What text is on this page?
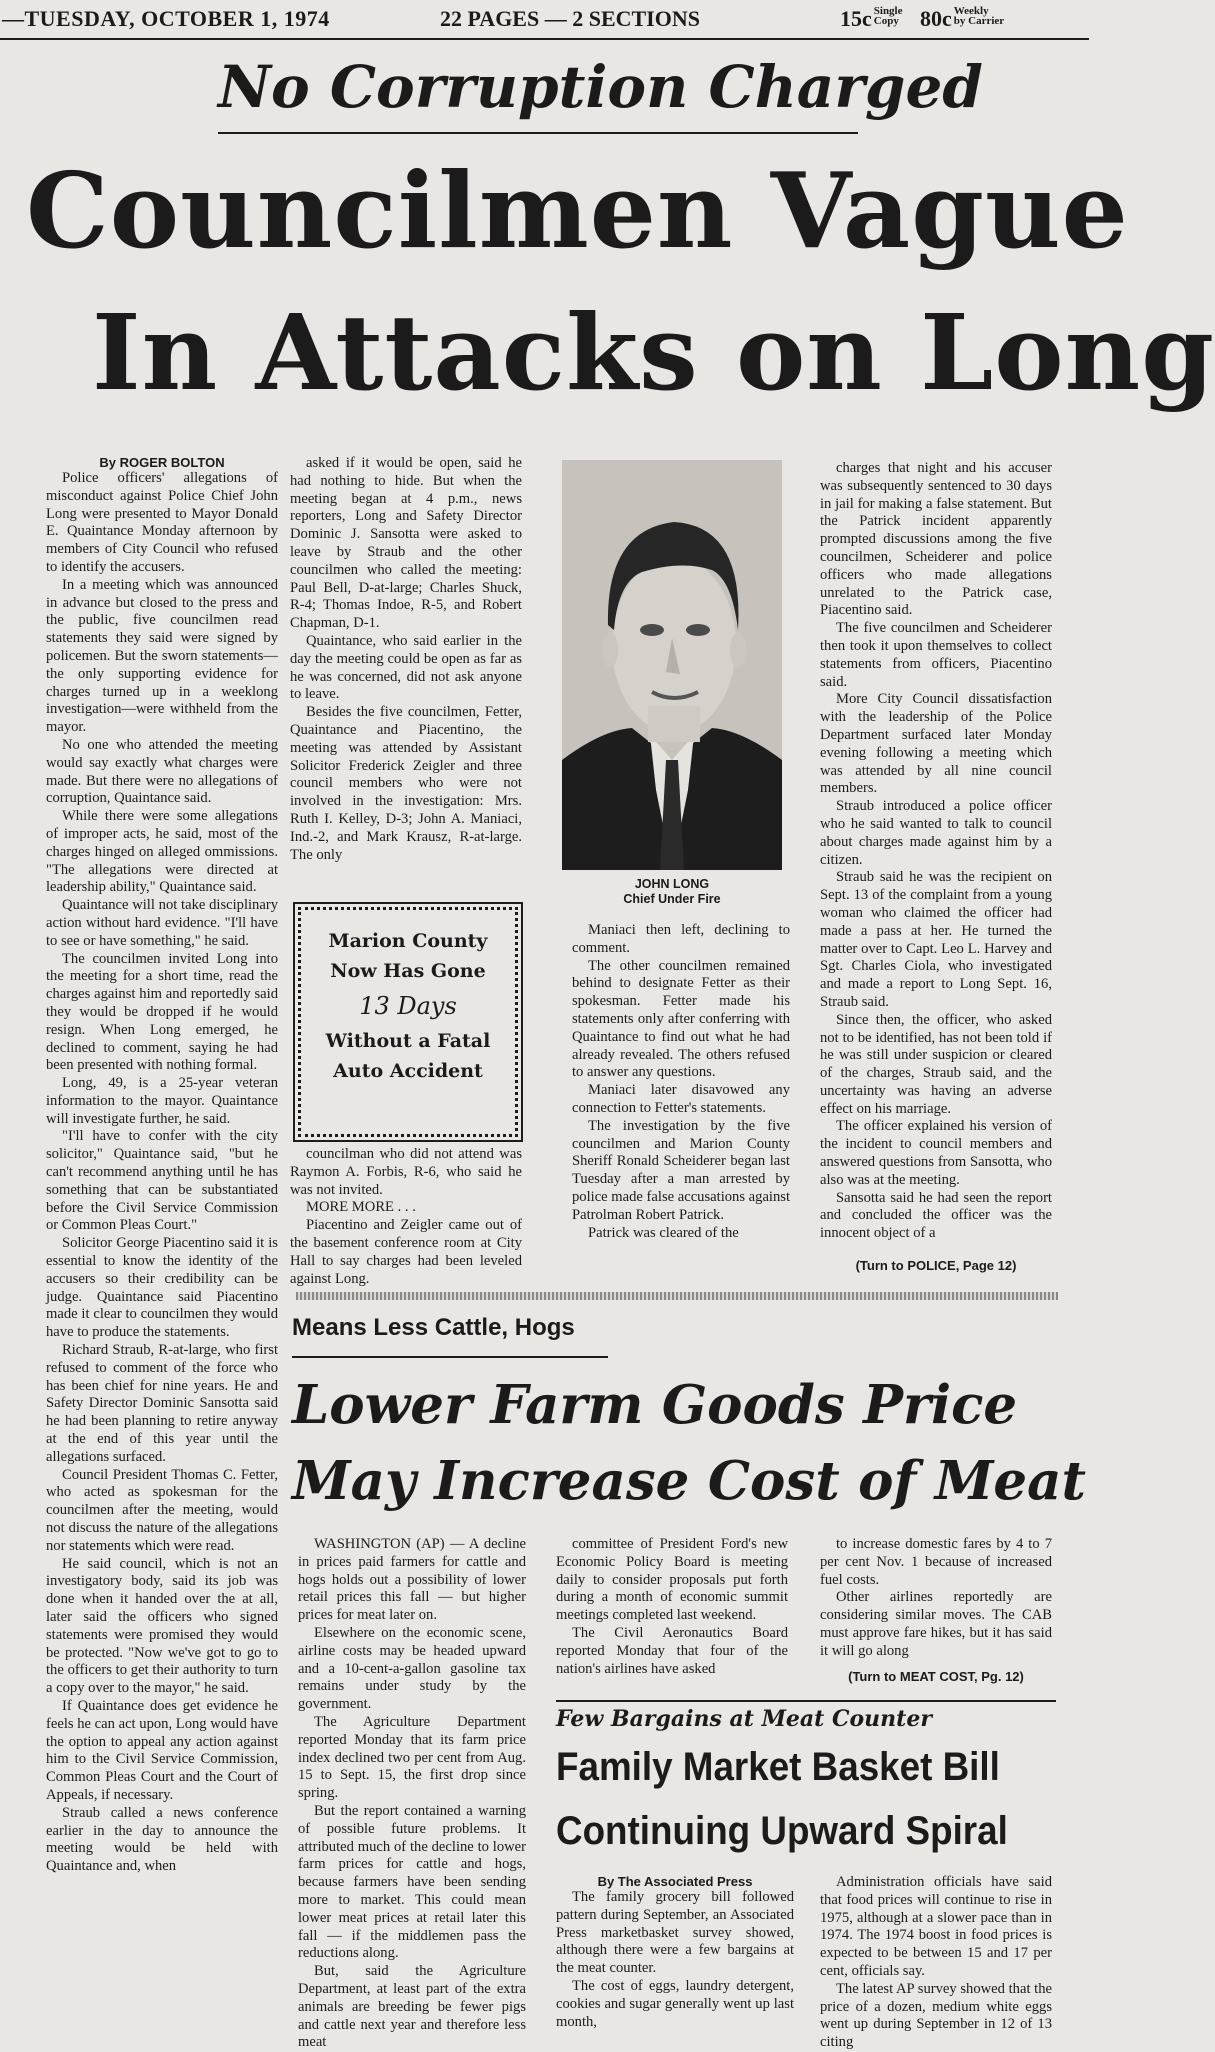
—TUESDAY, OCTOBER 1, 1974	22 PAGES — 2 SECTIONS	15c Single
Copy 80c Weekly
by Carrier
No Corruption Charged
Councilmen Vague
In Attacks on Long
By ROGER BOLTON

Police officers' allegations of misconduct against Police Chief John Long were presented to Mayor Donald E. Quaintance Monday afternoon by members of City Council who refused to identify the accusers.

In a meeting which was announced in advance but closed to the press and the public, five councilmen read statements they said were signed by policemen. But the sworn statements—the only supporting evidence for charges turned up in a weeklong investigation—were withheld from the mayor.

No one who attended the meeting would say exactly what charges were made. But there were no allegations of corruption, Quaintance said.

While there were some allegations of improper acts, he said, most of the charges hinged on alleged ommissions. "The allegations were directed at leadership ability," Quaintance said.

Quaintance will not take disciplinary action without hard evidence. "I'll have to see or have something," he said.

The councilmen invited Long into the meeting for a short time, read the charges against him and reportedly said they would be dropped if he would resign. When Long emerged, he declined to comment, saying he had been presented with nothing formal.

Long, 49, is a 25-year veteran information to the mayor. Quaintance will investigate further, he said.

"I'll have to confer with the city solicitor," Quaintance said, "but he can't recommend anything until he has something that can be substantiated before the Civil Service Commission or Common Pleas Court."

Solicitor George Piacentino said it is essential to know the identity of the accusers so their credibility can be judge. Quaintance said Piacentino made it clear to councilmen they would have to produce the statements.

Richard Straub, R-at-large, who first refused to comment of the force who has been chief for nine years. He and Safety Director Dominic Sansotta said he had been planning to retire anyway at the end of this year until the allegations surfaced.

Council President Thomas C. Fetter, who acted as spokesman for the councilmen after the meeting, would not discuss the nature of the allegations nor statements which were read.

He said council, which is not an investigatory body, said its job was done when it handed over the at all, later said the officers who signed statements were promised they would be protected. "Now we've got to go to the officers to get their authority to turn a copy over to the mayor," he said.

If Quaintance does get evidence he feels he can act upon, Long would have the option to appeal any action against him to the Civil Service Commission, Common Pleas Court and the Court of Appeals, if necessary.

Straub called a news conference earlier in the day to announce the meeting would be held with Quaintance and, when

asked if it would be open, said he had nothing to hide. But when the meeting began at 4 p.m., news reporters, Long and Safety Director Dominic J. Sansotta were asked to leave by Straub and the other councilmen who called the meeting: Paul Bell, D-at-large; Charles Shuck, R-4; Thomas Indoe, R-5, and Robert Chapman, D-1.

Quaintance, who said earlier in the day the meeting could be open as far as he was concerned, did not ask anyone to leave.

Besides the five councilmen, Fetter, Quaintance and Piacentino, the meeting was attended by Assistant Solicitor Frederick Zeigler and three council members who were not involved in the investigation: Mrs. Ruth I. Kelley, D-3; John A. Maniaci, Ind.-2, and Mark Krausz, R-at-large. The only

Marion County
Now Has Gone
13 Days
Without a Fatal
Auto Accident

councilman who did not attend was Raymon A. Forbis, R-6, who said he was not invited.

MORE MORE . . .

Piacentino and Zeigler came out of the basement conference room at City Hall to say charges had been leveled against Long.

JOHN LONG
Chief Under Fire

Maniaci then left, declining to comment.

The other councilmen remained behind to designate Fetter as their spokesman. Fetter made his statements only after conferring with Quaintance to find out what he had already revealed. The others refused to answer any questions.

Maniaci later disavowed any connection to Fetter's statements.

The investigation by the five councilmen and Marion County Sheriff Ronald Scheiderer began last Tuesday after a man arrested by police made false accusations against Patrolman Robert Patrick.

Patrick was cleared of the

charges that night and his accuser was subsequently sentenced to 30 days in jail for making a false statement. But the Patrick incident apparently prompted discussions among the five councilmen, Scheiderer and police officers who made allegations unrelated to the Patrick case, Piacentino said.

The five councilmen and Scheiderer then took it upon themselves to collect statements from officers, Piacentino said.

More City Council dissatisfaction with the leadership of the Police Department surfaced later Monday evening following a meeting which was attended by all nine council members.

Straub introduced a police officer who he said wanted to talk to council about charges made against him by a citizen.

Straub said he was the recipient on Sept. 13 of the complaint from a young woman who claimed the officer had made a pass at her. He turned the matter over to Capt. Leo L. Harvey and Sgt. Charles Ciola, who investigated and made a report to Long Sept. 16, Straub said.

Since then, the officer, who asked not to be identified, has not been told if he was still under suspicion or cleared of the charges, Straub said, and the uncertainty was having an adverse effect on his marriage.

The officer explained his version of the incident to council members and answered questions from Sansotta, who also was at the meeting.

Sansotta said he had seen the report and concluded the officer was the innocent object of a

(Turn to POLICE, Page 12)
Means Less Cattle, Hogs
Lower Farm Goods Price
May Increase Cost of Meat

WASHINGTON (AP) — A decline in prices paid farmers for cattle and hogs holds out a possibility of lower retail prices this fall — but higher prices for meat later on.

Elsewhere on the economic scene, airline costs may be headed upward and a 10-cent-a-gallon gasoline tax remains under study by the government.

The Agriculture Department reported Monday that its farm price index declined two per cent from Aug. 15 to Sept. 15, the first drop since spring.

But the report contained a warning of possible future problems. It attributed much of the decline to lower farm prices for cattle and hogs, because farmers have been sending more to market. This could mean lower meat prices at retail later this fall — if the middlemen pass the reductions along.

But, said the Agriculture Department, at least part of the extra animals are breeding be fewer pigs and cattle next year and therefore less meat

committee of President Ford's new Economic Policy Board is meeting daily to consider proposals put forth during a month of economic summit meetings completed last weekend.

The Civil Aeronautics Board reported Monday that four of the nation's airlines have asked

to increase domestic fares by 4 to 7 per cent Nov. 1 because of increased fuel costs.

Other airlines reportedly are considering similar moves. The CAB must approve fare hikes, but it has said it will go along

(Turn to MEAT COST, Pg. 12)
Few Bargains at Meat Counter
Family Market Basket Bill
Continuing Upward Spiral
By The Associated Press

The family grocery bill followed pattern during September, an Associated Press marketbasket survey showed, although there were a few bargains at the meat counter.

The cost of eggs, laundry detergent, cookies and sugar generally went up last month,

Administration officials have said that food prices will continue to rise in 1975, although at a slower pace than in 1974. The 1974 boost in food prices is expected to be between 15 and 17 per cent, officials say.

The latest AP survey showed that the price of a dozen, medium white eggs went up during September in 12 of 13 citing
